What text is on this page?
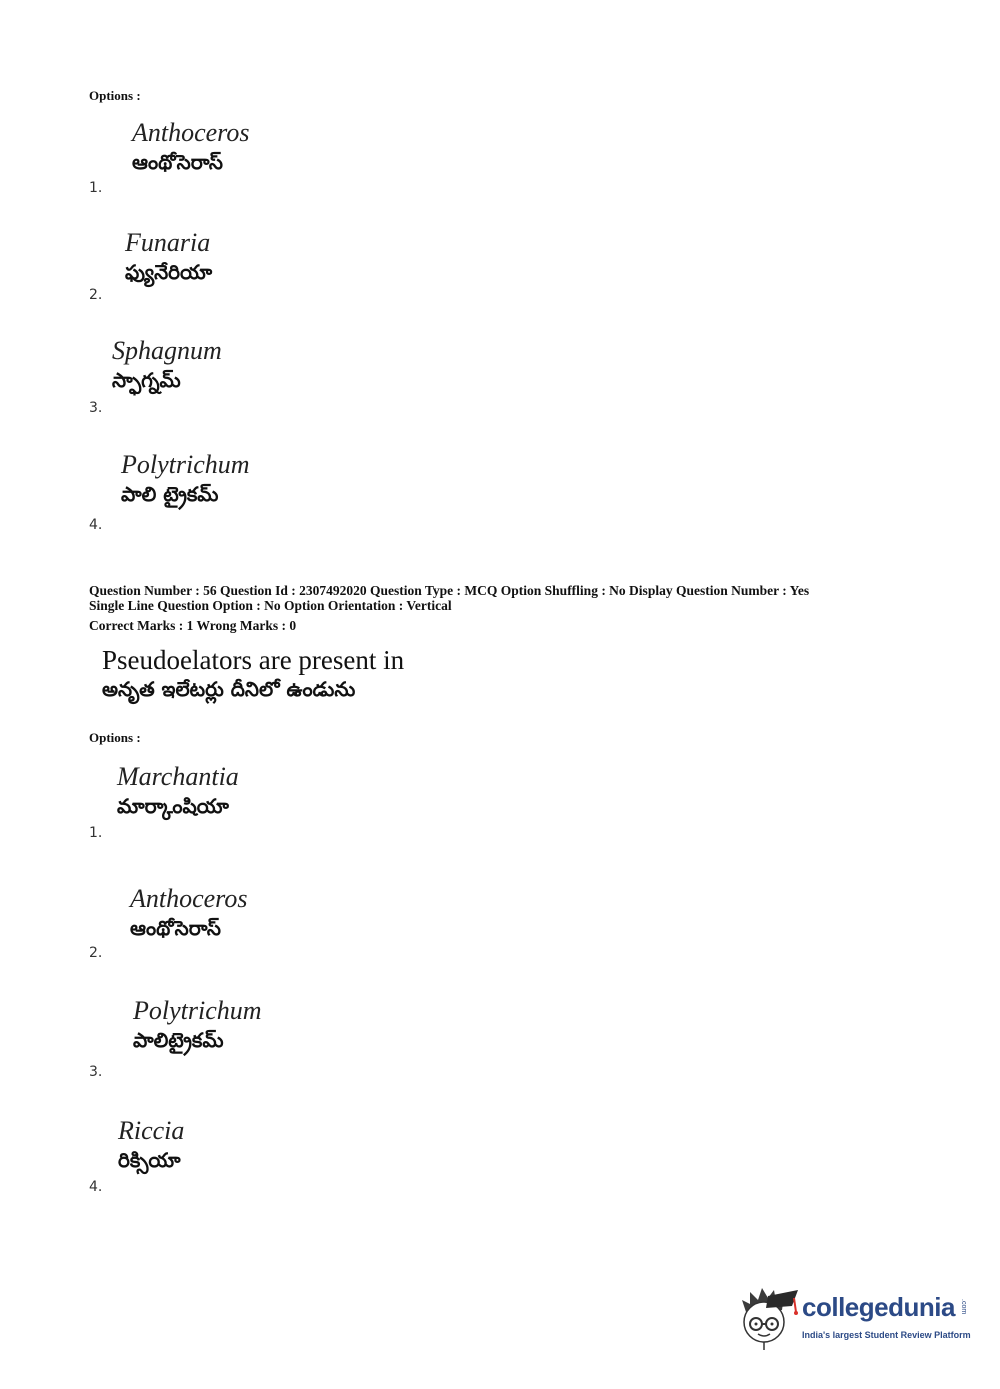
Options :
Anthoceros
ఆంథోసెరాస్
1.
Funaria
ఫ్యునేరియా
2.
Sphagnum
స్ఫాగ్నమ్
3.
Polytrichum
పాలి ట్రైకమ్
4.
Question Number : 56 Question Id : 2307492020 Question Type : MCQ Option Shuffling : No Display Question Number : Yes
Single Line Question Option : No Option Orientation : Vertical
Correct Marks : 1 Wrong Marks : 0
Pseudoelators are present in
అనృత ఇలేటర్లు దీనిలో ఉండును
Options :
Marchantia
మార్కాంషియా
1.
Anthoceros
ఆంథోసెరాస్
2.
Polytrichum
పాలిట్రైకమ్
3.
Riccia
రిక్సియా
4.
collegedunia .com
India's largest Student Review Platform
